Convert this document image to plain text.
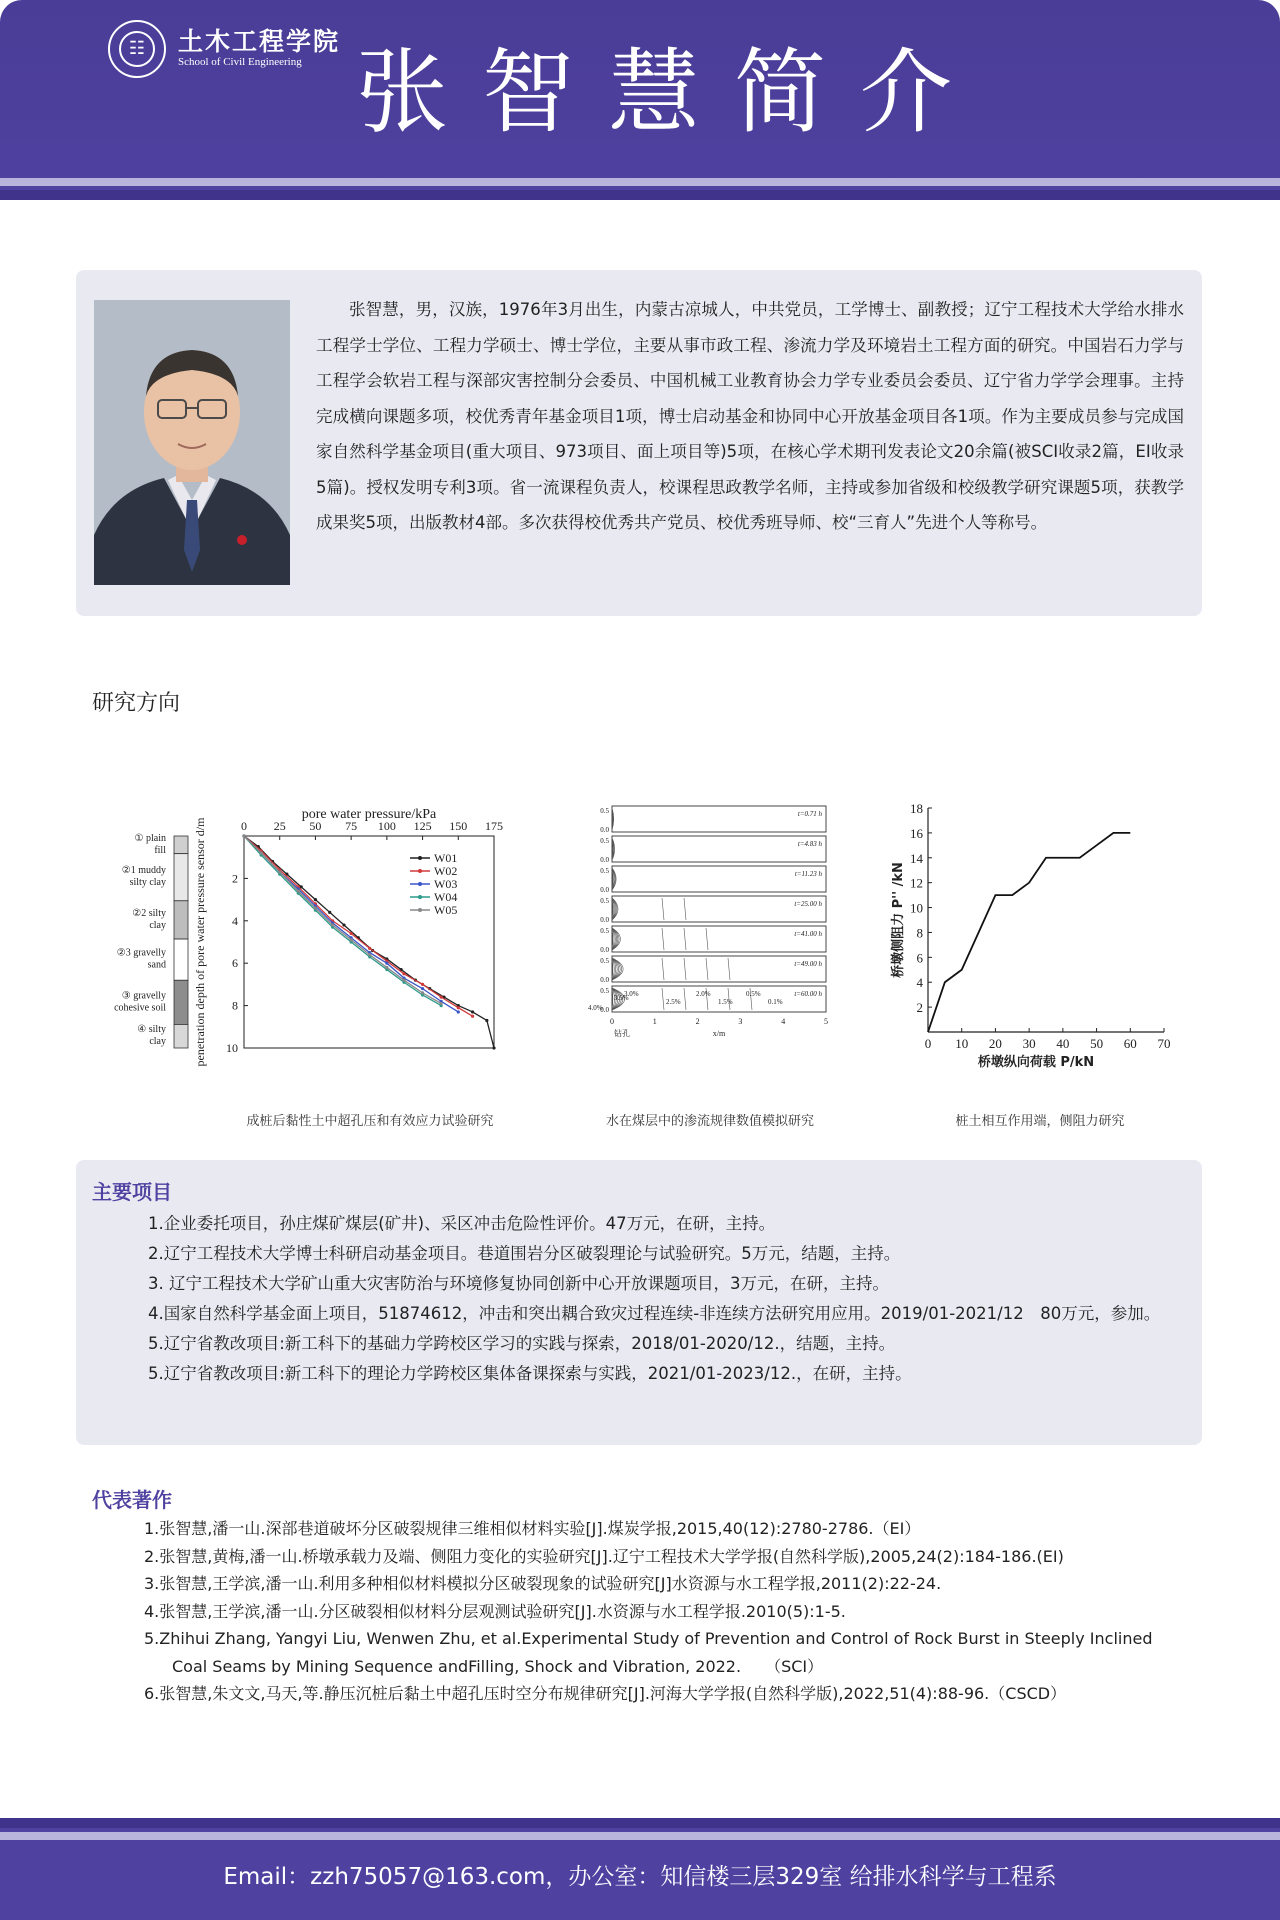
☷ 土木工程学院
School of Civil Engineering 张智慧简介
张智慧，男，汉族，1976年3月出生，内蒙古凉城人，中共党员，工学博士、副教授；辽宁工程技术大学给水排水工程学士学位、工程力学硕士、博士学位，主要从事市政工程、渗流力学及环境岩土工程方面的研究。中国岩石力学与工程学会软岩工程与深部灾害控制分会委员、中国机械工业教育协会力学专业委员会委员、辽宁省力学学会理事。主持完成横向课题多项，校优秀青年基金项目1项，博士启动基金和协同中心开放基金项目各1项。作为主要成员参与完成国家自然科学基金项目(重大项目、973项目、面上项目等)5项，在核心学术期刊发表论文20余篇(被SCI收录2篇，EI收录5篇)。授权发明专利3项。省一流课程负责人，校课程思政教学名师，主持或参加省级和校级教学研究课题5项，获教学成果奖5项，出版教材4部。多次获得校优秀共产党员、校优秀班导师、校“三育人”先进个人等称号。
研究方向
① plain
fill
②1 muddy
silty clay
②2 silty
clay
②3 gravelly
sand
③ gravelly
cohesive soil
④ silty
clay
0 25 50 75 100 125 150 175
2
4
6
8
10
W01
W02
W03
W04
W05
pore water pressure/kPa
penetration depth of pore water pressure sensor d/m
0.5
0.0
t=0.71 h
0.5
0.0
t=4.83 h
0.5
0.0
t=11.23 h
0.5
0.0
t=25.00 h
0.5
0.0
t=41.00 h
0.5
0.0
t=49.00 h
0.5
0.0
t=60.00 h
0	1	2	3	4	5
x/m
3.0%
2.5%
2.0%
1.5%
0.5%
0.1%
4.0%
3.5%
钻孔
0 10 20 30 40 50 60 70
2
4
6
8
10
12
14
16
18
桥墩纵向荷载 P/kN
桥墩侧阻力 P'' /kN
成桩后黏性土中超孔压和有效应力试验研究	水在煤层中的渗流规律数值模拟研究	桩土相互作用端，侧阻力研究
主要项目
1.企业委托项目，孙庄煤矿煤层(矿井)、采区冲击危险性评价。47万元，在研，主持。
2.辽宁工程技术大学博士科研启动基金项目。巷道围岩分区破裂理论与试验研究。5万元，结题，主持。
3. 辽宁工程技术大学矿山重大灾害防治与环境修复协同创新中心开放课题项目，3万元，在研，主持。
4.国家自然科学基金面上项目，51874612，冲击和突出耦合致灾过程连续-非连续方法研究用应用。2019/01-2021/12　80万元，参加。
5.辽宁省教改项目:新工科下的基础力学跨校区学习的实践与探索，2018/01-2020/12.，结题，主持。
5.辽宁省教改项目:新工科下的理论力学跨校区集体备课探索与实践，2021/01-2023/12.，在研，主持。
代表著作
1.张智慧,潘一山.深部巷道破坏分区破裂规律三维相似材料实验[J].煤炭学报,2015,40(12):2780-2786.（EI）
2.张智慧,黄梅,潘一山.桥墩承载力及端、侧阻力变化的实验研究[J].辽宁工程技术大学学报(自然科学版),2005,24(2):184-186.(EI)
3.张智慧,王学滨,潘一山.利用多种相似材料模拟分区破裂现象的试验研究[J]水资源与水工程学报,2011(2):22-24.
4.张智慧,王学滨,潘一山.分区破裂相似材料分层观测试验研究[J].水资源与水工程学报.2010(5):1-5.
5.Zhihui Zhang, Yangyi Liu, Wenwen Zhu, et al.Experimental Study of Prevention and Control of Rock Burst in Steeply Inclined Coal Seams by Mining Sequence andFilling, Shock and Vibration, 2022.　　（SCI）
6.张智慧,朱文文,马天,等.静压沉桩后黏土中超孔压时空分布规律研究[J].河海大学学报(自然科学版),2022,51(4):88-96.（CSCD）
Email：zzh75057@163.com，办公室：知信楼三层329室 给排水科学与工程系
